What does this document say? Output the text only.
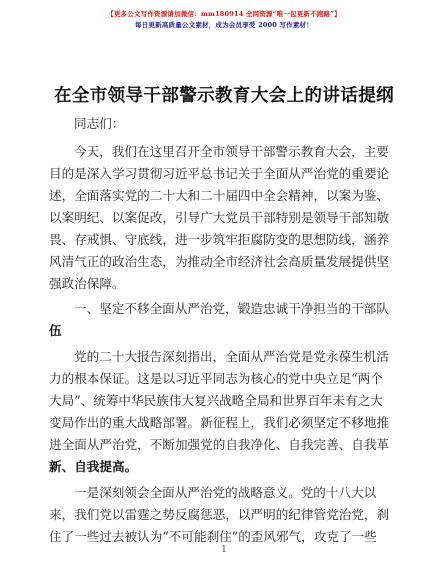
【更多公文写作资源请加微信：mm180914 全网资源“唯一包更新不跑路”】
每日更新高质量公文素材，成为会员享受 2000 写作素材！
在全市领导干部警示教育大会上的讲话提纲
同志们：
今天，我们在这里召开全市领导干部警示教育大会，主要
目的是深入学习贯彻习近平总书记关于全面从严治党的重要论
述，全面落实党的二十大和二十届四中全会精神，以案为鉴、
以案明纪、以案促改，引导广大党员干部特别是领导干部知敬
畏、存戒惧、守底线，进一步筑牢拒腐防变的思想防线，涵养
风清气正的政治生态，为推动全市经济社会高质量发展提供坚
强政治保障。
一、坚定不移全面从严治党，锻造忠诚干净担当的干部队
伍
党的二十大报告深刻指出，全面从严治党是党永葆生机活
力的根本保证。这是以习近平同志为核心的党中央立足“两个
大局”、统筹中华民族伟大复兴战略全局和世界百年未有之大
变局作出的重大战略部署。新征程上，我们必须坚定不移地推
进全面从严治党，不断加强党的自我净化、自我完善、自我革
新、自我提高。
一是深刻领会全面从严治党的战略意义。党的十八大以
来，我们党以雷霆之势反腐惩恶，以严明的纪律管党治党，刹
住了一些过去被认为“不可能刹住”的歪风邪气，攻克了一些
1
